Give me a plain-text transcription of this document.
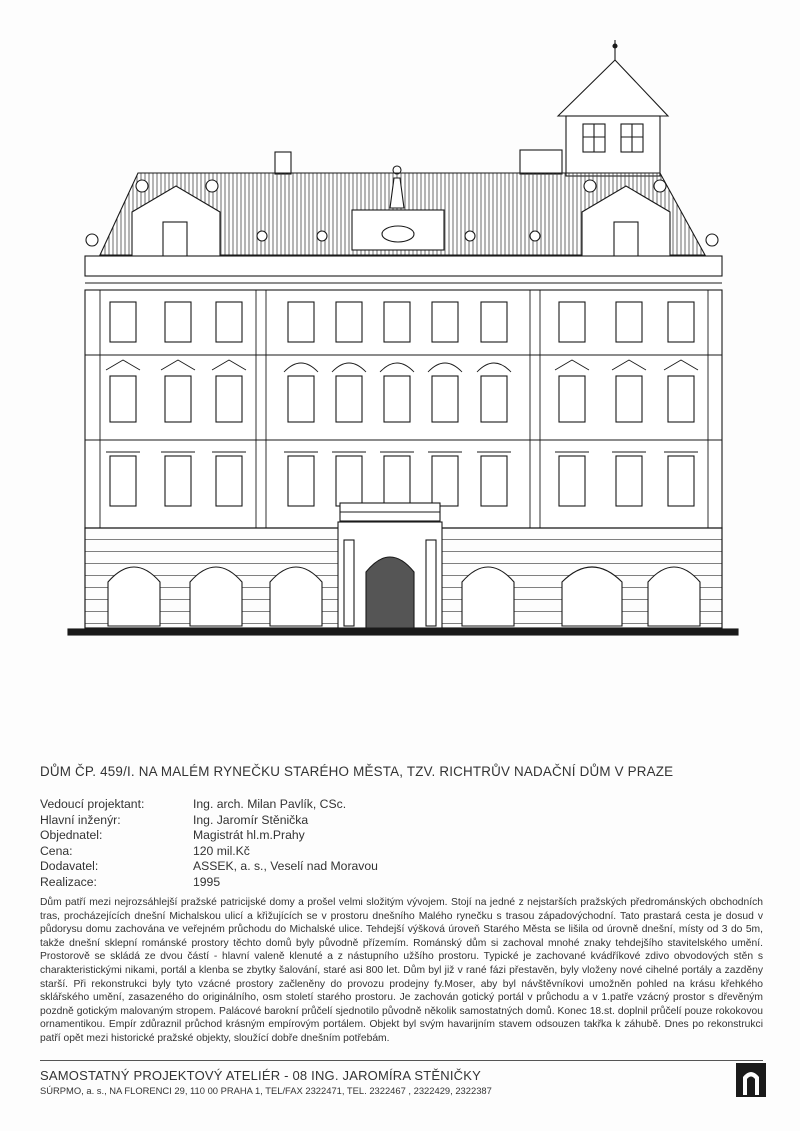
DŮM ČP. 459/I. NA MALÉM RYNEČKU STARÉHO MĚSTA, TZV. RICHTRŮV NADAČNÍ DŮM V PRAZE
Vedoucí projektant:	Ing. arch. Milan Pavlík, CSc.
Hlavní inženýr:	Ing. Jaromír Stěnička
Objednatel:	Magistrát hl.m.Prahy
Cena:	120 mil.Kč
Dodavatel:	ASSEK, a. s., Veselí nad Moravou
Realizace:	1995
Dům patří mezi nejrozsáhlejší pražské patricijské domy a prošel velmi složitým vývojem. Stojí na jedné z nejstarších pražských předrománských obchodních tras, procházejících dnešní Michalskou ulicí a křižujících se v prostoru dnešního Malého rynečku s trasou západovýchodní. Tato prastará cesta je dosud v půdorysu domu zachována ve veřejném průchodu do Michalské ulice. Tehdejší výšková úroveň Starého Města se lišila od úrovně dnešní, místy od 3 do 5m, takže dnešní sklepní románské prostory těchto domů byly původně přízemím. Románský dům si zachoval mnohé znaky tehdejšího stavitelského umění. Prostorově se skládá ze dvou částí - hlavní valeně klenuté a z nástupního užšího prostoru. Typické je zachované kvádříkové zdivo obvodových stěn s charakteristickými nikami, portál a klenba se zbytky šalování, staré asi 800 let. Dům byl již v rané fázi přestavěn, byly vloženy nové cihelné portály a zazděny starší. Při rekonstrukci byly tyto vzácné prostory začleněny do provozu prodejny fy.Moser, aby byl návštěvníkovi umožněn pohled na krásu křehkého sklářského umění, zasazeného do originálního, osm století starého prostoru. Je zachován gotický portál v průchodu a v 1.patře vzácný prostor s dřevěným pozdně gotickým malovaným stropem. Palácové barokní průčelí sjednotilo původně několik samostatných domů. Konec 18.st. doplnil průčelí pouze rokokovou ornamentikou. Empír zdůraznil průchod krásným empírovým portálem. Objekt byl svým havarijním stavem odsouzen takřka k záhubě. Dnes po rekonstrukci patří opět mezi historické pražské objekty, sloužící dobře dnešním potřebám.
SAMOSTATNÝ PROJEKTOVÝ ATELIÉR - 08 ING. JAROMÍRA STĚNIČKY
SÚRPMO, a. s., NA FLORENCI 29, 110 00 PRAHA 1, TEL/FAX 2322471, TEL. 2322467 , 2322429, 2322387
